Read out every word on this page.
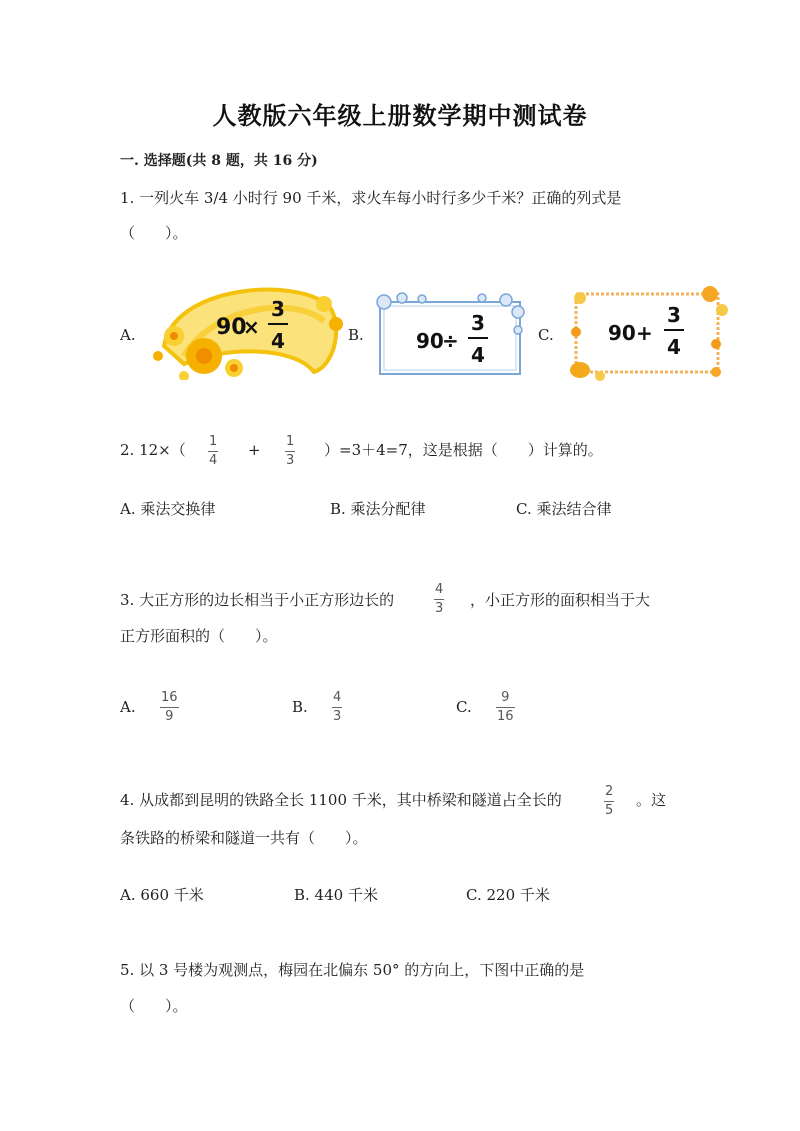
人教版六年级上册数学期中测试卷
一. 选择题(共 8 题，共 16 分)
1. 一列火车 3/4 小时行 90 千米，求火车每小时行多少千米？正确的列式是
（　　）。
A.	90
×
3
4	B.	90
÷
3
4
C.	90 +
3
4
2. 12×（ 1
4
+ 1
3
）=3＋4=7，这是根据（　　）计算的。
A. 乘法交换律	B. 乘法分配律	C. 乘法结合律
3. 大正方形的边长相当于小正方形边长的
4
3 ，小正方形的面积相当于大
正方形面积的（　　）。
A.
16
9
B.
4
3
C.
9
16
4. 从成都到昆明的铁路全长 1100 千米，其中桥梁和隧道占全长的	2
5
。这
条铁路的桥梁和隧道一共有（　　）。
A. 660 千米	B. 440 千米	C. 220 千米
5. 以 3 号楼为观测点，梅园在北偏东 50° 的方向上，下图中正确的是
（　　）。
